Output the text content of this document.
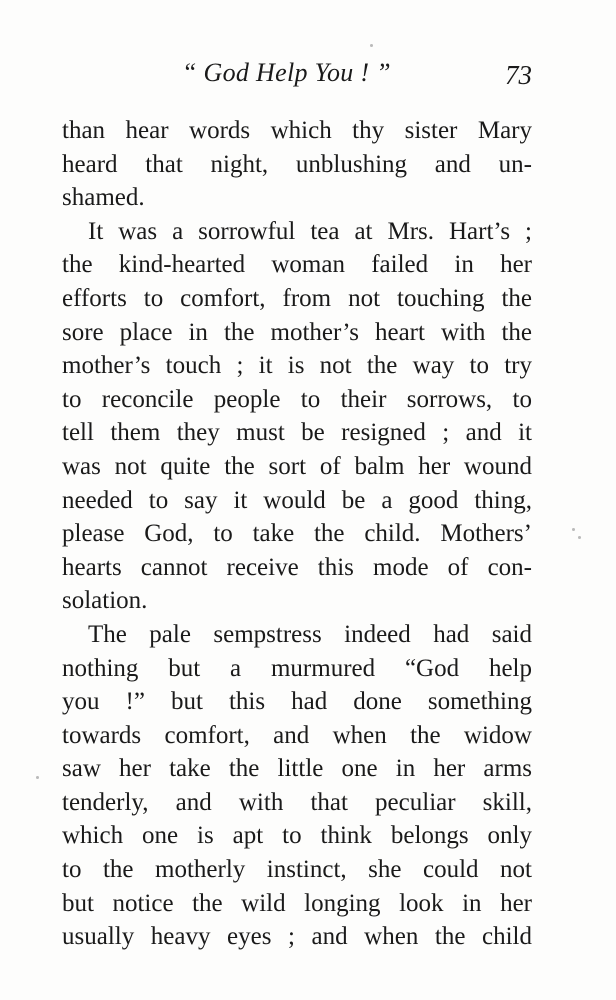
“ God Help You ! ”	73
than hear words which thy sister Mary
heard that night, unblushing and un-
shamed.
It was a sorrowful tea at Mrs. Hart’s ;
the kind-hearted woman failed in her
efforts to comfort, from not touching the
sore place in the mother’s heart with the
mother’s touch ; it is not the way to try
to reconcile people to their sorrows, to
tell them they must be resigned ; and it
was not quite the sort of balm her wound
needed to say it would be a good thing,
please God, to take the child. Mothers’
hearts cannot receive this mode of con-
solation.
The pale sempstress indeed had said
nothing but a murmured “God help
you !” but this had done something
towards comfort, and when the widow
saw her take the little one in her arms
tenderly, and with that peculiar skill,
which one is apt to think belongs only
to the motherly instinct, she could not
but notice the wild longing look in her
usually heavy eyes ; and when the child
